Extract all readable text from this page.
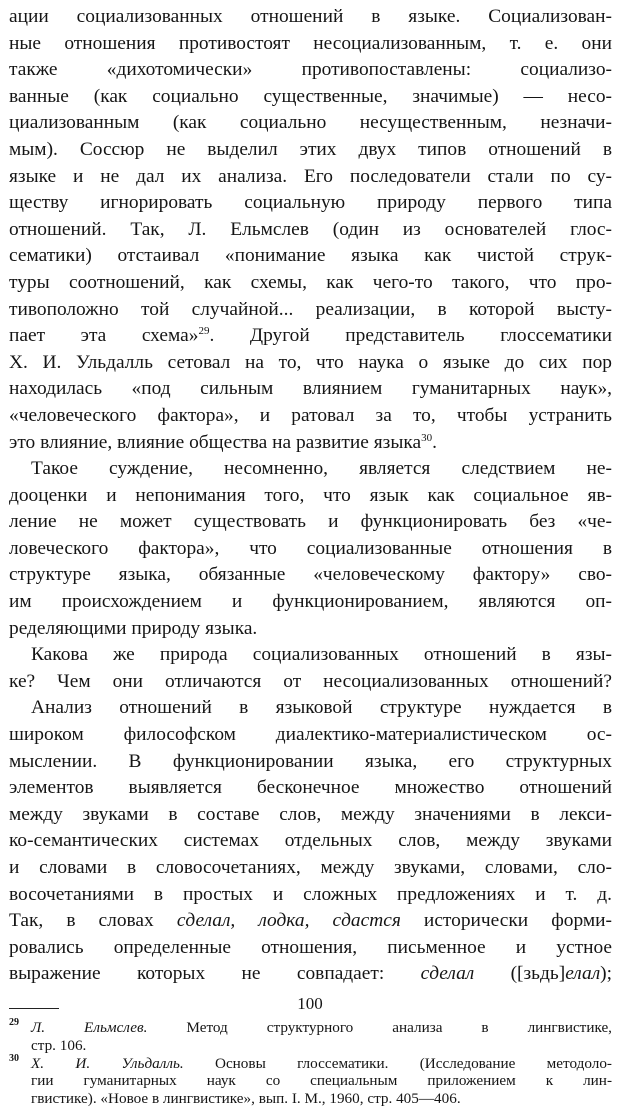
ации социализованных отношений в языке. Социализован-
ные отношения противостоят несоциализованным, т. е. они
также «дихотомически» противопоставлены: социализо-
ванные (как социально существенные, значимые) — несо-
циализованным (как социально несущественным, незначи-
мым). Соссюр не выделил этих двух типов отношений в
языке и не дал их анализа. Его последователи стали по су-
ществу игнорировать социальную природу первого типа
отношений. Так, Л. Ельмслев (один из основателей глос-
сематики) отстаивал «понимание языка как чистой струк-
туры соотношений, как схемы, как чего-то такого, что про-
тивоположно той случайной... реализации, в которой высту-
пает эта схема»$^{29}$. Другой представитель глоссематики
Х. И. Ульдалль сетовал на то, что наука о языке до сих пор
находилась «под сильным влиянием гуманитарных наук»,
«человеческого фактора», и ратовал за то, чтобы устранить
это влияние, влияние общества на развитие языка$^{30}$.
Такое суждение, несомненно, является следствием не-
дооценки и непонимания того, что язык как социальное яв-
ление не может существовать и функционировать без «че-
ловеческого фактора», что социализованные отношения в
структуре языка, обязанные «человеческому фактору» сво-
им происхождением и функционированием, являются оп-
ределяющими природу языка.
Какова же природа социализованных отношений в язы-
ке? Чем они отличаются от несоциализованных отношений?
Анализ отношений в языковой структуре нуждается в
широком философском диалектико-материалистическом ос-
мыслении. В функционировании языка, его структурных
элементов выявляется бесконечное множество отношений
между звуками в составе слов, между значениями в лекси-
ко-семантических системах отдельных слов, между звуками
и словами в словосочетаниях, между звуками, словами, сло-
восочетаниями в простых и сложных предложениях и т. д.
Так, в словах сделал, лодка, сдастся исторически форми-
ровались определенные отношения, письменное и устное
выражение которых не совпадает: сделал ([зьдь]елал);
29 Л. Ельмслев. Метод структурного анализа в лингвистике,
стр. 106.
30 Х. И. Ульдалль. Основы глоссематики. (Исследование методоло-
гии гуманитарных наук со специальным приложением к лин-
гвистике). «Новое в лингвистике», вып. I. М., 1960, стр. 405—406.
100
